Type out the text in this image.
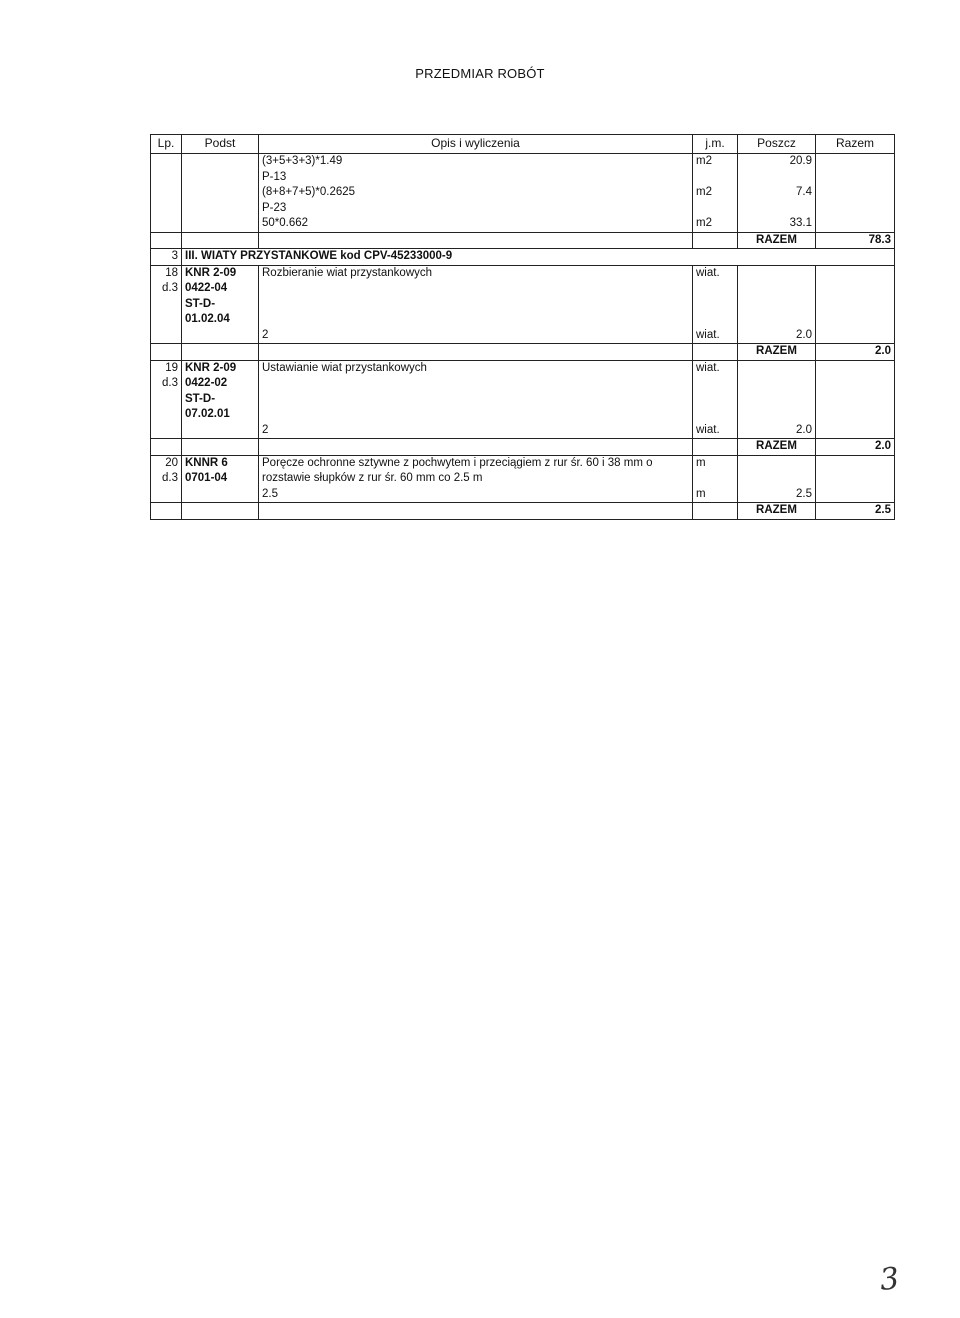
PRZEDMIAR ROBÓT
Lp.	Podst	Opis i wyliczenia	j.m.	Poszcz	Razem
		(3+5+3+3)*1.49	m2	20.9	
		P-13			
		(8+8+7+5)*0.2625	m2	7.4	
		P-23			
		50*0.662	m2	33.1	
				RAZEM	78.3
3	III. WIATY PRZYSTANKOWE kod CPV-45233000-9				
18	KNR 2-09	Rozbieranie wiat przystankowych	wiat.		
d.3	0422-04				
	ST-D-				
	01.02.04				
		2	wiat.	2.0	
				RAZEM	2.0
19	KNR 2-09	Ustawianie wiat przystankowych	wiat.		
d.3	0422-02				
	ST-D-				
	07.02.01				
		2	wiat.	2.0	
				RAZEM	2.0
20	KNNR 6	Poręcze ochronne sztywne z pochwytem i przeciągiem z rur śr. 60 i 38 mm o	m		
d.3	0701-04	rozstawie słupków z rur śr. 60 mm co 2.5 m			
		2.5	m	2.5	
				RAZEM	2.5
3
